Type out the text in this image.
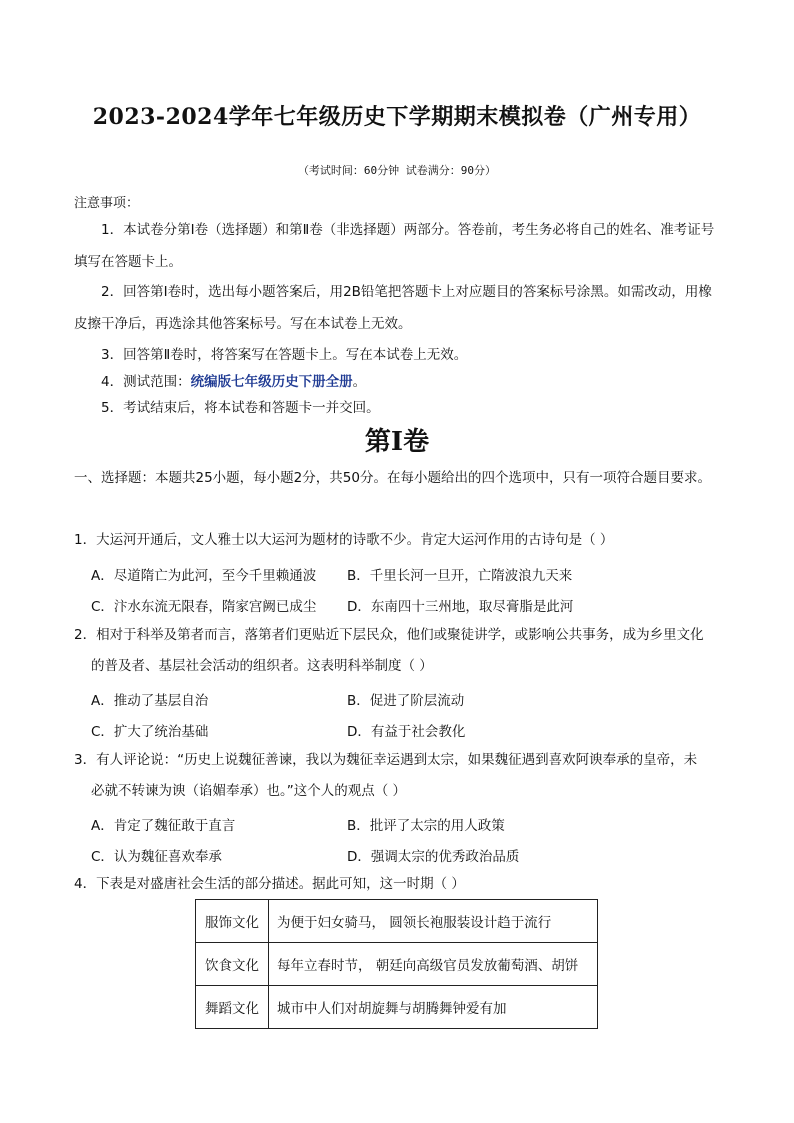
2023-2024学年七年级历史下学期期末模拟卷（广州专用）
（考试时间：60分钟 试卷满分：90分）
注意事项：
1．本试卷分第Ⅰ卷（选择题）和第Ⅱ卷（非选择题）两部分。答卷前，考生务必将自己的姓名、准考证号填写在答题卡上。
2．回答第Ⅰ卷时，选出每小题答案后，用2B铅笔把答题卡上对应题目的答案标号涂黑。如需改动，用橡皮擦干净后，再选涂其他答案标号。写在本试卷上无效。
3．回答第Ⅱ卷时，将答案写在答题卡上。写在本试卷上无效。
4．测试范围：统编版七年级历史下册全册。
5．考试结束后，将本试卷和答题卡一并交回。
第Ⅰ卷
一、选择题：本题共25小题，每小题2分，共50分。在每小题给出的四个选项中，只有一项符合题目要求。
1．大运河开通后，文人雅士以大运河为题材的诗歌不少。肯定大运河作用的古诗句是（ ）
A．尽道隋亡为此河，至今千里赖通波 B．千里长河一旦开，亡隋波浪九天来
C．汴水东流无限春，隋家宫阙已成尘 D．东南四十三州地，取尽膏脂是此河
2．相对于科举及第者而言，落第者们更贴近下层民众，他们或聚徒讲学，或影响公共事务，成为乡里文化
的普及者、基层社会活动的组织者。这表明科举制度（ ）
A．推动了基层自治	B．促进了阶层流动
C．扩大了统治基础	D．有益于社会教化
3．有人评论说：“历史上说魏征善谏，我以为魏征幸运遇到太宗，如果魏征遇到喜欢阿谀奉承的皇帝，未
必就不转谏为谀（谄媚奉承）也。”这个人的观点（ ）
A．肯定了魏征敢于直言	B．批评了太宗的用人政策
C．认为魏征喜欢奉承	D．强调太宗的优秀政治品质
4．下表是对盛唐社会生活的部分描述。据此可知，这一时期（ ）
服饰文化	为便于妇女骑马， 圆领长袍服装设计趋于流行
饮食文化	每年立春时节， 朝廷向高级官员发放葡萄酒、胡饼
舞蹈文化	城市中人们对胡旋舞与胡腾舞钟爱有加
